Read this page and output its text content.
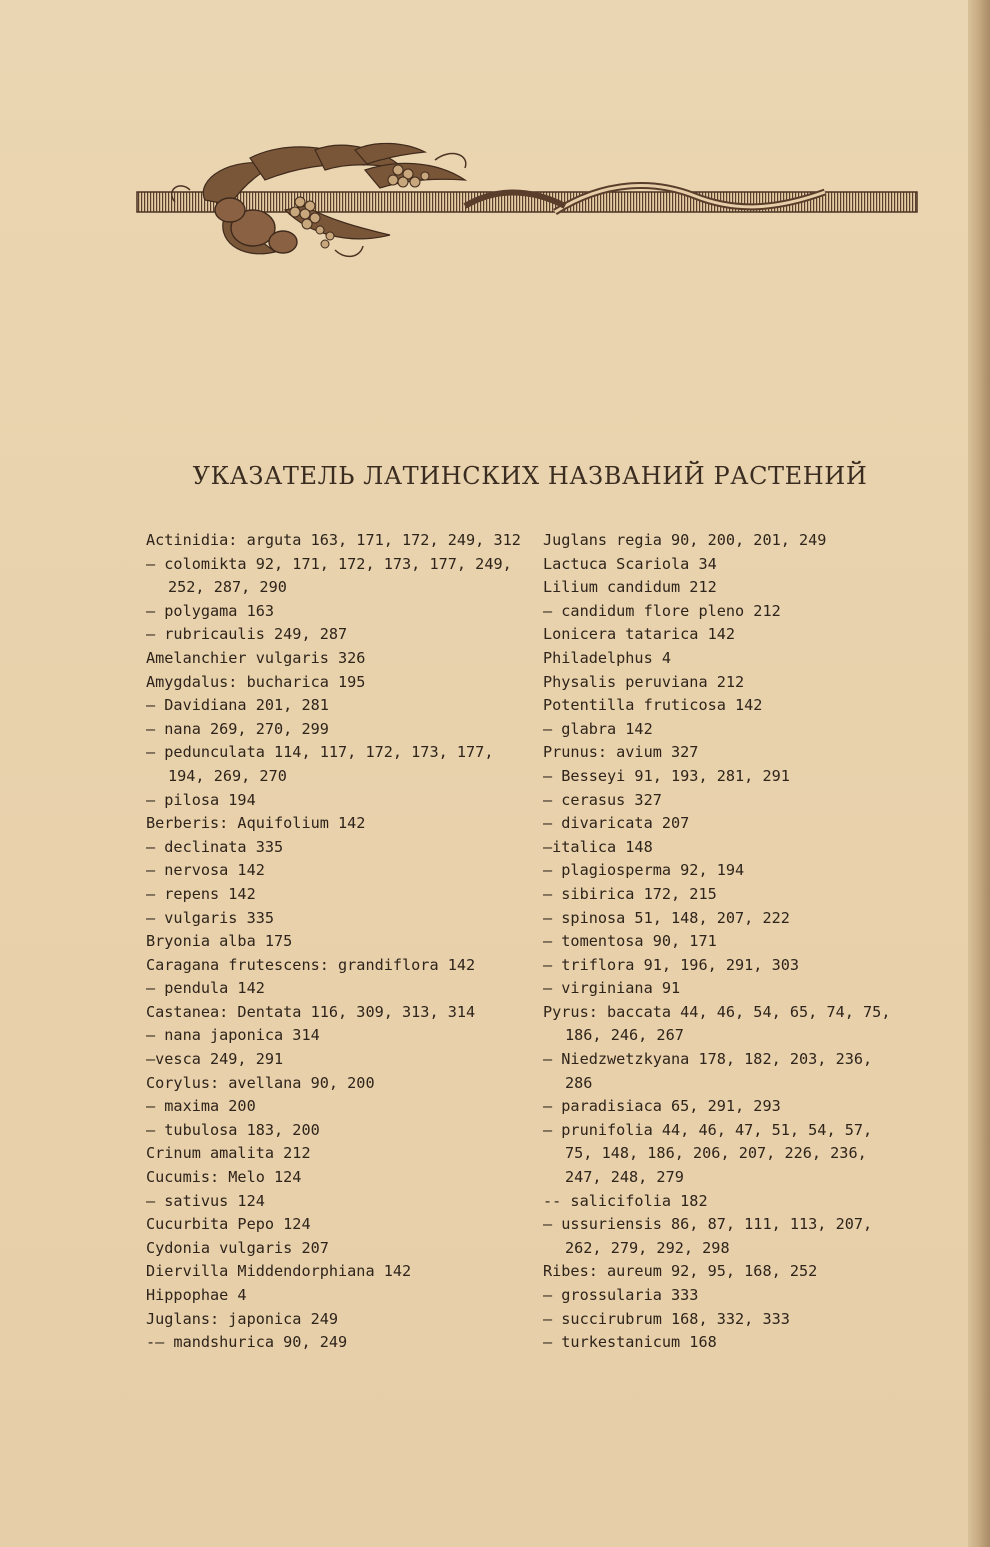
УКАЗАТЕЛЬ ЛАТИНСКИХ НАЗВАНИЙ РАСТЕНИЙ
Actinidia: arguta 163, 171, 172, 249, 312
— colomikta 92, 171, 172, 173, 177, 249,
252, 287, 290
— polygama 163
— rubricaulis 249, 287
Amelanchier vulgaris 326
Amygdalus: bucharica 195
— Davidiana 201, 281
— nana 269, 270, 299
— pedunculata 114, 117, 172, 173, 177,
194, 269, 270
— pilosa 194
Berberis: Aquifolium 142
— declinata 335
— nervosa 142
— repens 142
— vulgaris 335
Bryonia alba 175
Caragana frutescens: grandiflora 142
— pendula 142
Castanea: Dentata 116, 309, 313, 314
— nana japonica 314
—vesca 249, 291
Corylus: avellana 90, 200
— maxima 200
— tubulosa 183, 200
Crinum amalita 212
Cucumis: Melo 124
— sativus 124
Cucurbita Pepo 124
Cydonia vulgaris 207
Diervilla Middendorphiana 142
Hippophae 4
Juglans: japonica 249
-— mandshurica 90, 249
Juglans regia 90, 200, 201, 249
Lactuca Scariola 34
Lilium candidum 212
— candidum flore pleno 212
Lonicera tatarica 142
Philadelphus 4
Physalis peruviana 212
Potentilla fruticosa 142
— glabra 142
Prunus: avium 327
— Besseyi 91, 193, 281, 291
— cerasus 327
— divaricata 207
—italica 148
— plagiosperma 92, 194
— sibirica 172, 215
— spinosa 51, 148, 207, 222
— tomentosa 90, 171
— triflora 91, 196, 291, 303
— virginiana 91
Pyrus: baccata 44, 46, 54, 65, 74, 75,
186, 246, 267
— Niedzwetzkyana 178, 182, 203, 236,
286
— paradisiaca 65, 291, 293
— prunifolia 44, 46, 47, 51, 54, 57,
75, 148, 186, 206, 207, 226, 236,
247, 248, 279
-- salicifolia 182
— ussuriensis 86, 87, 111, 113, 207,
262, 279, 292, 298
Ribes: aureum 92, 95, 168, 252
— grossularia 333
— succirubrum 168, 332, 333
— turkestanicum 168
